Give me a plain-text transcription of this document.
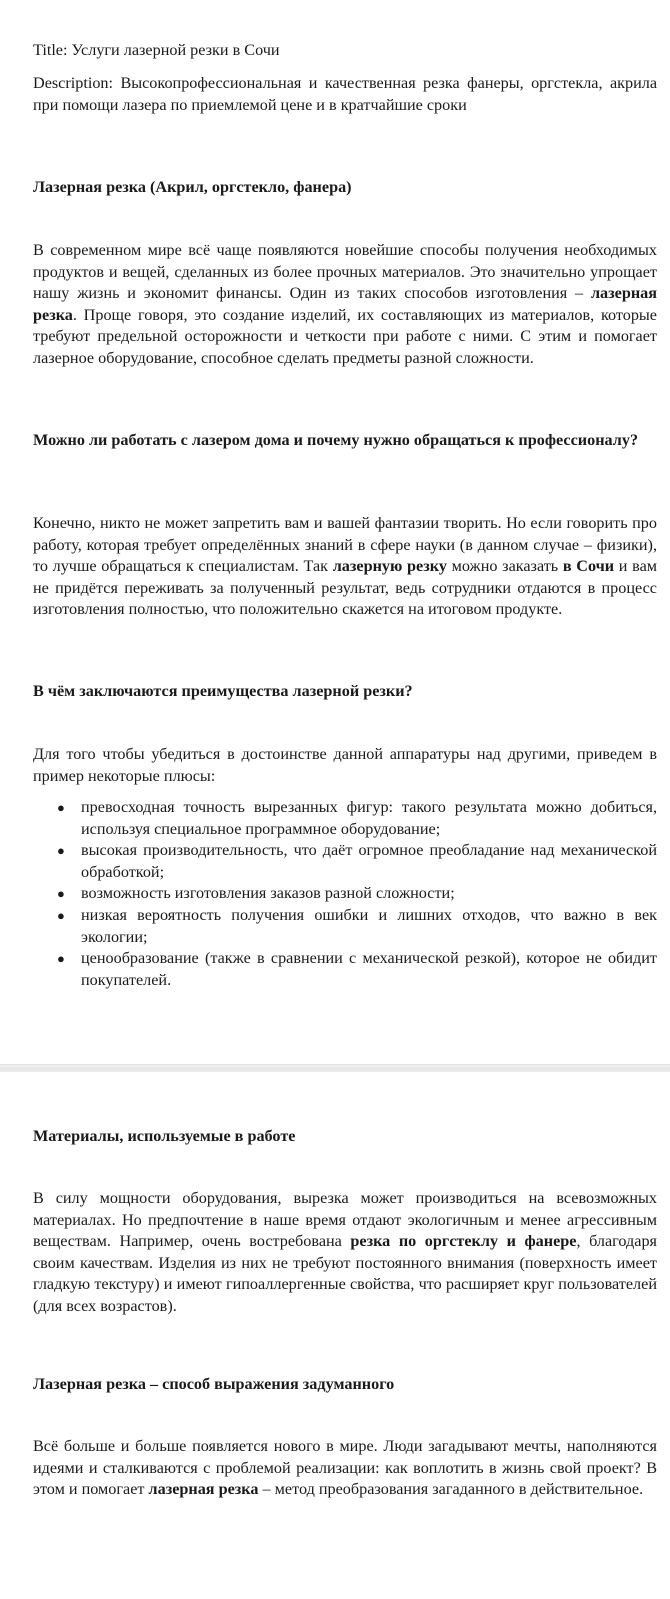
Title: Услуги лазерной резки в Сочи

Description: Высокопрофессиональная и качественная резка фанеры, оргстекла, акрила при помощи лазера по приемлемой цене и в кратчайшие сроки

Лазерная резка (Акрил, оргстекло, фанера)

В современном мире всё чаще появляются новейшие способы получения необходимых продуктов и вещей, сделанных из более прочных материалов. Это значительно упрощает нашу жизнь и экономит финансы. Один из таких способов изготовления – лазерная резка. Проще говоря, это создание изделий, их составляющих из материалов, которые требуют предельной осторожности и четкости при работе с ними. С этим и помогает лазерное оборудование, способное сделать предметы разной сложности.

Можно ли работать с лазером дома и почему нужно обращаться к профессионалу?

Конечно, никто не может запретить вам и вашей фантазии творить. Но если говорить про работу, которая требует определённых знаний в сфере науки (в данном случае – физики), то лучше обращаться к специалистам. Так лазерную резку можно заказать в Сочи и вам не придётся переживать за полученный результат, ведь сотрудники отдаются в процесс изготовления полностью, что положительно скажется на итоговом продукте.

В чём заключаются преимущества лазерной резки?

Для того чтобы убедиться в достоинстве данной аппаратуры над другими, приведем в пример некоторые плюсы:

● превосходная точность вырезанных фигур: такого результата можно добиться, используя специальное программное оборудование;
● высокая производительность, что даёт огромное преобладание над механической обработкой;
● возможность изготовления заказов разной сложности;
● низкая вероятность получения ошибки и лишних отходов, что важно в век экологии;
● ценообразование (также в сравнении с механической резкой), которое не обидит покупателей.
Материалы, используемые в работе

В силу мощности оборудования, вырезка может производиться на всевозможных материалах. Но предпочтение в наше время отдают экологичным и менее агрессивным веществам. Например, очень востребована резка по оргстеклу и фанере, благодаря своим качествам. Изделия из них не требуют постоянного внимания (поверхность имеет гладкую текстуру) и имеют гипоаллергенные свойства, что расширяет круг пользователей (для всех возрастов).

Лазерная резка – способ выражения задуманного

Всё больше и больше появляется нового в мире. Люди загадывают мечты, наполняются идеями и сталкиваются с проблемой реализации: как воплотить в жизнь свой проект? В этом и помогает лазерная резка – метод преобразования загаданного в действительное.
